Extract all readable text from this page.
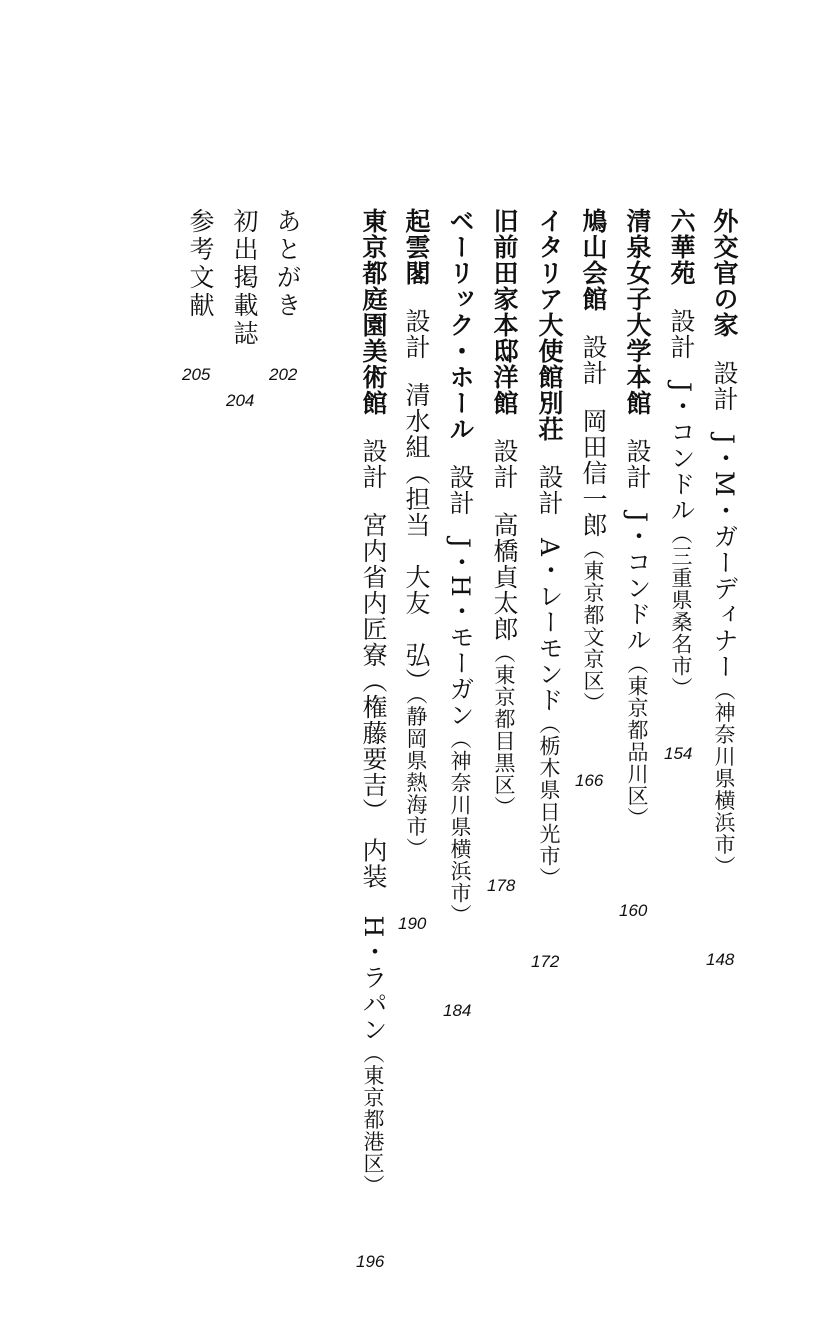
外交官の家設計J・M・ガーディナー（神奈川県横浜市）
148
六華苑設計J・コンドル（三重県桑名市）
154
清泉女子大学本館設計J・コンドル（東京都品川区）
160
鳩山会館設計岡田信一郎（東京都文京区）
166
イタリア大使館別荘設計A・レーモンド（栃木県日光市）
172
旧前田家本邸洋館設計高橋貞太郎（東京都目黒区）
178
ベーリック・ホール設計J・H・モーガン（神奈川県横浜市）
184
起雲閣設計清水組（担当　大友　弘）（静岡県熱海市）
190
東京都庭園美術館設計宮内省内匠寮（権藤要吉）　内装　H・ラパン（東京都港区）
196
あとがき
202
初出掲載誌
204
参考文献
205
